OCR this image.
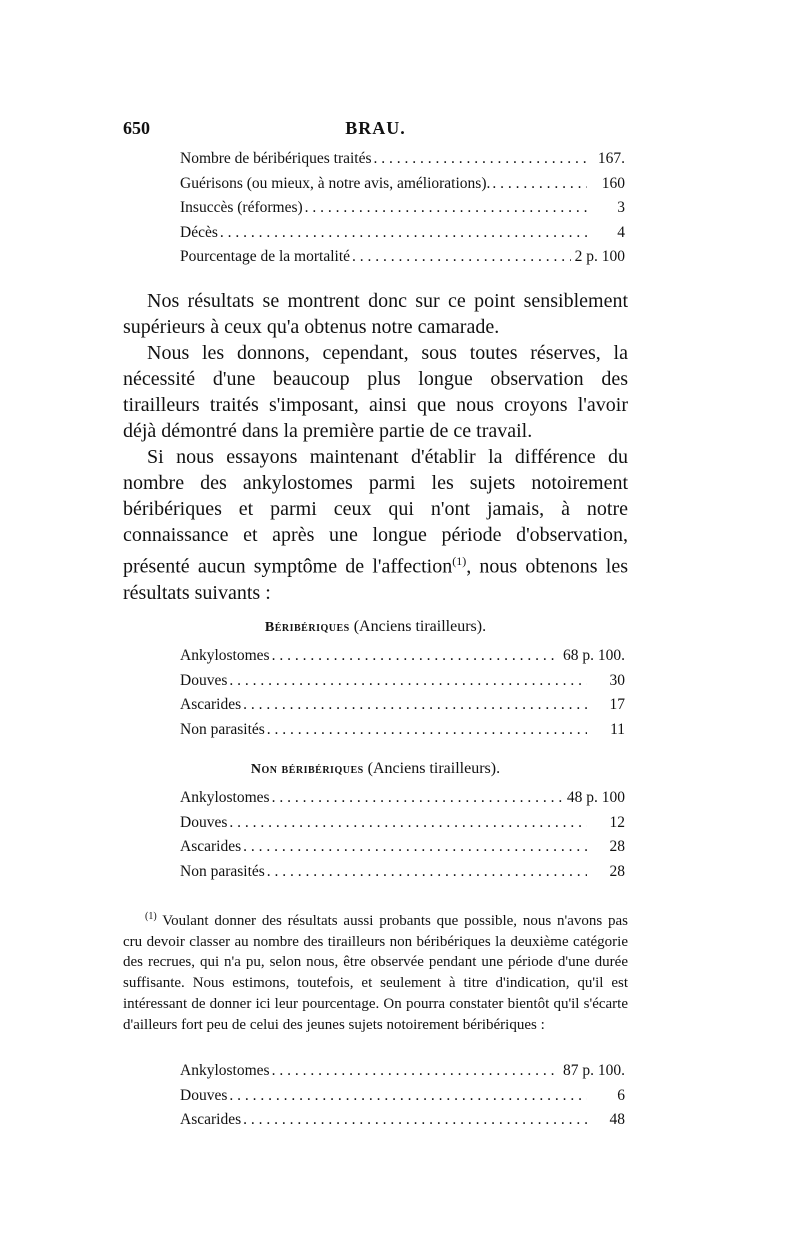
650	BRAU.
Nombre de béribériques traités . . .	167.
Guérisons (ou mieux, à notre avis, améliorations). . . .	160
Insuccès (réformes) . . .	3
Décès . . .	4
Pourcentage de la mortalité . . .	2 p. 100

Nos résultats se montrent donc sur ce point sensiblement supérieurs à ceux qu'a obtenus notre camarade.

Nous les donnons, cependant, sous toutes réserves, la nécessité d'une beaucoup plus longue observation des tirailleurs traités s'imposant, ainsi que nous croyons l'avoir déjà démontré dans la première partie de ce travail.

Si nous essayons maintenant d'établir la différence du nombre des ankylostomes parmi les sujets notoirement béribériques et parmi ceux qui n'ont jamais, à notre connaissance et après une longue période d'observation, présenté aucun symptôme de l'affection$^{(1)}$, nous obtenons les résultats suivants :

Béribériques (Anciens tirailleurs).
Ankylostomes . . .	68 p. 100.
Douves . . .	30
Ascarides . . .	17
Non parasités . . .	11
Non béribériques (Anciens tirailleurs).
Ankylostomes . . .	48 p. 100
Douves . . .	12
Ascarides . . .	28
Non parasités . . .	28

$^{(1)}$ Voulant donner des résultats aussi probants que possible, nous n'avons pas cru devoir classer au nombre des tirailleurs non béribériques la deuxième catégorie des recrues, qui n'a pu, selon nous, être observée pendant une période d'une durée suffisante. Nous estimons, toutefois, et seulement à titre d'indication, qu'il est intéressant de donner ici leur pourcentage. On pourra constater bientôt qu'il s'écarte d'ailleurs fort peu de celui des jeunes sujets notoirement béribériques :

Ankylostomes . . .	87 p. 100.
Douves . . .	6
Ascarides . . .	48
